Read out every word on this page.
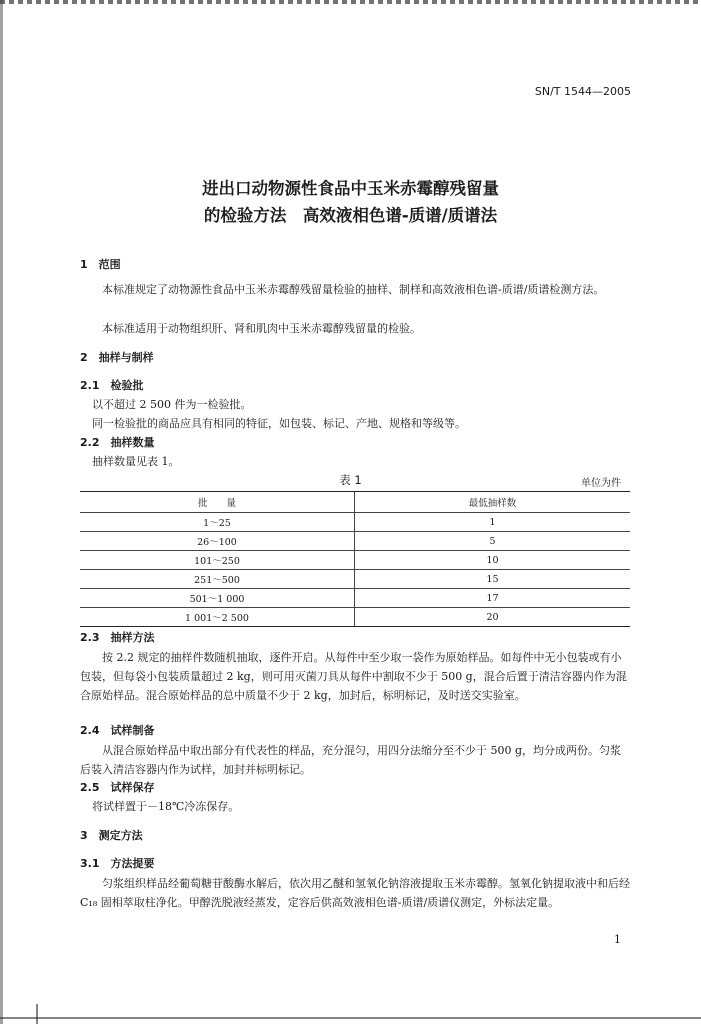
SN/T 1544—2005
进出口动物源性食品中玉米赤霉醇残留量
的检验方法　高效液相色谱-质谱/质谱法
1　范围
本标准规定了动物源性食品中玉米赤霉醇残留量检验的抽样、制样和高效液相色谱-质谱/质谱检测方法。
本标准适用于动物组织肝、肾和肌肉中玉米赤霉醇残留量的检验。
2　抽样与制样
2.1　检验批
以不超过 2 500 件为一检验批。
同一检验批的商品应具有相同的特征，如包装、标记、产地、规格和等级等。
2.2　抽样数量
抽样数量见表 1。
表 1	单位为件
批　　量	最低抽样数
1～25	1
26～100	5
101～250	10
251～500	15
501～1 000	17
1 001～2 500	20
2.3　抽样方法
按 2.2 规定的抽样件数随机抽取，逐件开启。从每件中至少取一袋作为原始样品。如每件中无小包装或有小包装，但每袋小包装质量超过 2 kg，则可用灭菌刀具从每件中割取不少于 500 g，混合后置于清洁容器内作为混合原始样品。混合原始样品的总中质量不少于 2 kg，加封后，标明标记，及时送交实验室。
2.4　试样制备
从混合原始样品中取出部分有代表性的样品，充分混匀，用四分法缩分至不少于 500 g，均分成两份。匀浆后装入清洁容器内作为试样，加封并标明标记。
2.5　试样保存
将试样置于－18℃冷冻保存。
3　测定方法
3.1　方法提要
匀浆组织样品经葡萄糖苷酸酶水解后，依次用乙醚和氢氧化钠溶液提取玉米赤霉醇。氢氧化钠提取液中和后经 C₁₈ 固相萃取柱净化。甲醇洗脱液经蒸发，定容后供高效液相色谱-质谱/质谱仪测定，外标法定量。
1
